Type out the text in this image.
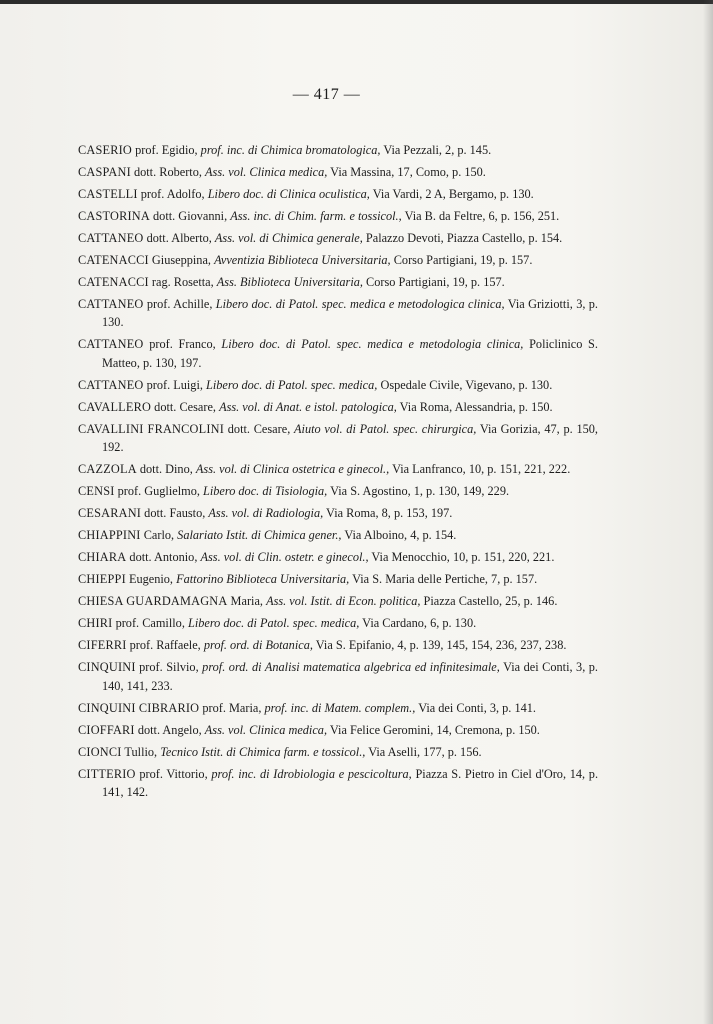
— 417 —

CASERIO prof. Egidio, prof. inc. di Chimica bromatologica, Via Pezzali, 2, p. 145.

CASPANI dott. Roberto, Ass. vol. Clinica medica, Via Massina, 17, Como, p. 150.

CASTELLI prof. Adolfo, Libero doc. di Clinica oculistica, Via Vardi, 2 A, Bergamo, p. 130.

CASTORINA dott. Giovanni, Ass. inc. di Chim. farm. e tossicol., Via B. da Feltre, 6, p. 156, 251.

CATTANEO dott. Alberto, Ass. vol. di Chimica generale, Palazzo Devoti, Piazza Castello, p. 154.

CATENACCI Giuseppina, Avventizia Biblioteca Universitaria, Corso Partigiani, 19, p. 157.

CATENACCI rag. Rosetta, Ass. Biblioteca Universitaria, Corso Partigiani, 19, p. 157.

CATTANEO prof. Achille, Libero doc. di Patol. spec. medica e metodologica clinica, Via Griziotti, 3, p. 130.

CATTANEO prof. Franco, Libero doc. di Patol. spec. medica e metodologia clinica, Policlinico S. Matteo, p. 130, 197.

CATTANEO prof. Luigi, Libero doc. di Patol. spec. medica, Ospedale Civile, Vigevano, p. 130.

CAVALLERO dott. Cesare, Ass. vol. di Anat. e istol. patologica, Via Roma, Alessandria, p. 150.

CAVALLINI FRANCOLINI dott. Cesare, Aiuto vol. di Patol. spec. chirurgica, Via Gorizia, 47, p. 150, 192.

CAZZOLA dott. Dino, Ass. vol. di Clinica ostetrica e ginecol., Via Lanfranco, 10, p. 151, 221, 222.

CENSI prof. Guglielmo, Libero doc. di Tisiologia, Via S. Agostino, 1, p. 130, 149, 229.

CESARANI dott. Fausto, Ass. vol. di Radiologia, Via Roma, 8, p. 153, 197.

CHIAPPINI Carlo, Salariato Istit. di Chimica gener., Via Alboino, 4, p. 154.

CHIARA dott. Antonio, Ass. vol. di Clin. ostetr. e ginecol., Via Menocchio, 10, p. 151, 220, 221.

CHIEPPI Eugenio, Fattorino Biblioteca Universitaria, Via S. Maria delle Pertiche, 7, p. 157.

CHIESA GUARDAMAGNA Maria, Ass. vol. Istit. di Econ. politica, Piazza Castello, 25, p. 146.

CHIRI prof. Camillo, Libero doc. di Patol. spec. medica, Via Cardano, 6, p. 130.

CIFERRI prof. Raffaele, prof. ord. di Botanica, Via S. Epifanio, 4, p. 139, 145, 154, 236, 237, 238.

CINQUINI prof. Silvio, prof. ord. di Analisi matematica algebrica ed infinitesimale, Via dei Conti, 3, p. 140, 141, 233.

CINQUINI CIBRARIO prof. Maria, prof. inc. di Matem. complem., Via dei Conti, 3, p. 141.

CIOFFARI dott. Angelo, Ass. vol. Clinica medica, Via Felice Geromini, 14, Cremona, p. 150.

CIONCI Tullio, Tecnico Istit. di Chimica farm. e tossicol., Via Aselli, 177, p. 156.

CITTERIO prof. Vittorio, prof. inc. di Idrobiologia e pescicoltura, Piazza S. Pietro in Ciel d'Oro, 14, p. 141, 142.
